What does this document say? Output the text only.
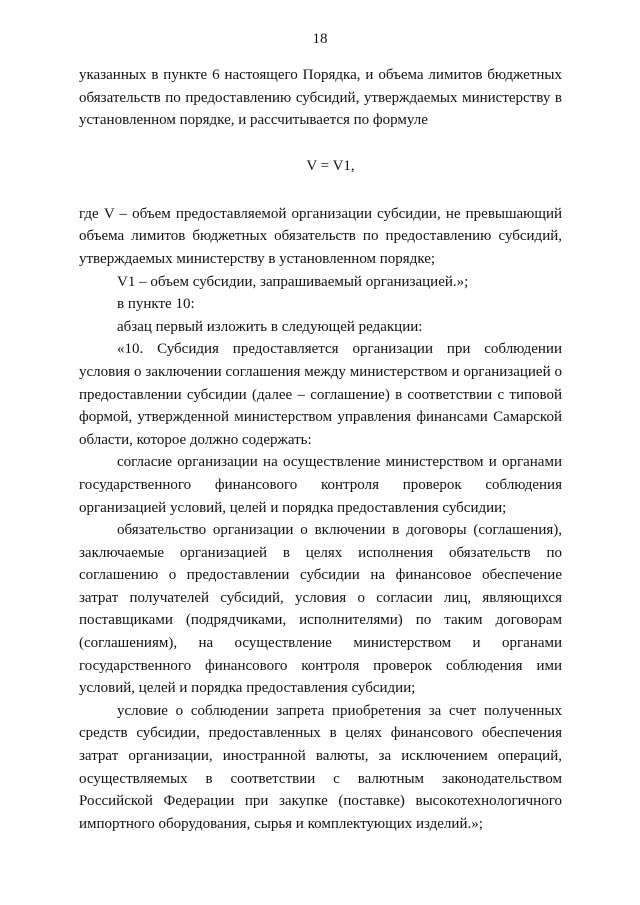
18

указанных в пункте 6 настоящего Порядка, и объема лимитов бюджетных обязательств по предоставлению субсидий, утверждаемых министерству в установленном порядке, и рассчитывается по формуле

V = V1,

где V – объем предоставляемой организации субсидии, не превышающий объема лимитов бюджетных обязательств по предоставлению субсидий, утверждаемых министерству в установленном порядке;

V1 – объем субсидии, запрашиваемый организацией.»;

в пункте 10:

абзац первый изложить в следующей редакции:

«10. Субсидия предоставляется организации при соблюдении условия о заключении соглашения между министерством и организацией о предоставлении субсидии (далее – соглашение) в соответствии с типовой формой, утвержденной министерством управления финансами Самарской области, которое должно содержать:

согласие организации на осуществление министерством и органами государственного финансового контроля проверок соблюдения организацией условий, целей и порядка предоставления субсидии;

обязательство организации о включении в договоры (соглашения), заключаемые организацией в целях исполнения обязательств по соглашению о предоставлении субсидии на финансовое обеспечение затрат получателей субсидий, условия о согласии лиц, являющихся поставщиками (подрядчиками, исполнителями) по таким договорам (соглашениям), на осуществление министерством и органами государственного финансового контроля проверок соблюдения ими условий, целей и порядка предоставления субсидии;

условие о соблюдении запрета приобретения за счет полученных средств субсидии, предоставленных в целях финансового обеспечения затрат организации, иностранной валюты, за исключением операций, осуществляемых в соответствии с валютным законодательством Российской Федерации при закупке (поставке) высокотехнологичного импортного оборудования, сырья и комплектующих изделий.»;
